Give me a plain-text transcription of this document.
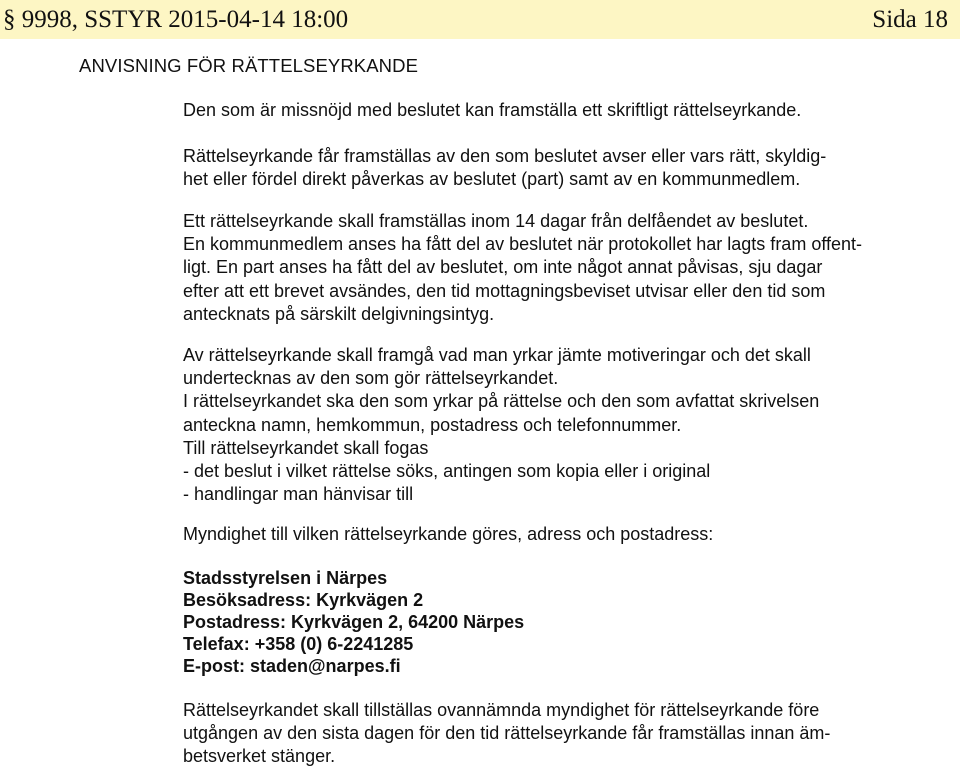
§ 9998, SSTYR 2015-04-14 18:00	Sida 18
ANVISNING FÖR RÄTTELSEYRKANDE
Den som är missnöjd med beslutet kan framställa ett skriftligt rättelseyrkande.
Rättelseyrkande får framställas av den som beslutet avser eller vars rätt, skyldig-
het eller fördel direkt påverkas av beslutet (part) samt av en kommunmedlem.
Ett rättelseyrkande skall framställas inom 14 dagar från delfåendet av beslutet.
En kommunmedlem anses ha fått del av beslutet när protokollet har lagts fram offent-
ligt. En part anses ha fått del av beslutet, om inte något annat påvisas, sju dagar
efter att ett brevet avsändes, den tid mottagningsbeviset utvisar eller den tid som
antecknats på särskilt delgivningsintyg.
Av rättelseyrkande skall framgå vad man yrkar jämte motiveringar och det skall
undertecknas av den som gör rättelseyrkandet.
I rättelseyrkandet ska den som yrkar på rättelse och den som avfattat skrivelsen
anteckna namn, hemkommun, postadress och telefonnummer.
Till rättelseyrkandet skall fogas
- det beslut i vilket rättelse söks, antingen som kopia eller i original
- handlingar man hänvisar till
Myndighet till vilken rättelseyrkande göres, adress och postadress:
Stadsstyrelsen i Närpes
Besöksadress: Kyrkvägen 2
Postadress: Kyrkvägen 2, 64200 Närpes
Telefax: +358 (0) 6-2241285
E-post: staden@narpes.fi
Rättelseyrkandet skall tillställas ovannämnda myndighet för rättelseyrkande före
utgången av den sista dagen för den tid rättelseyrkande får framställas innan äm-
betsverket stänger.
